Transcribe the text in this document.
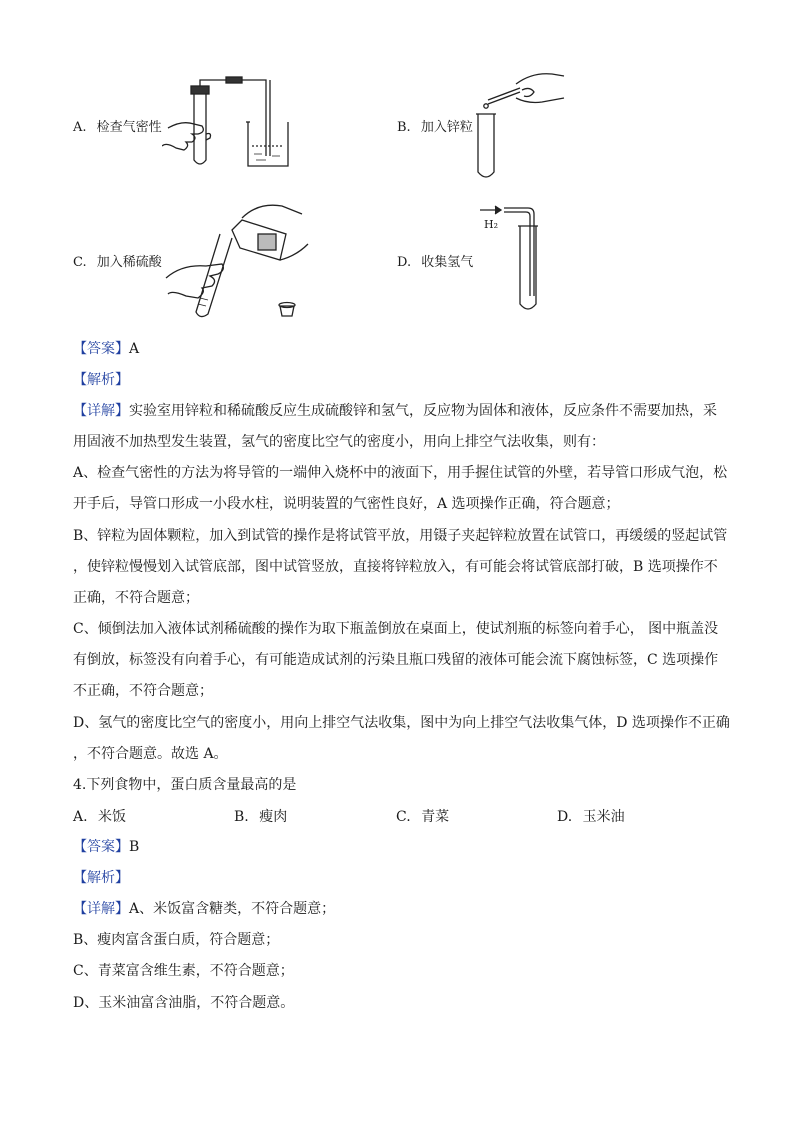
A. 检查气密性	B. 加入锌粒
C. 加入稀硫酸	D. 收集氢气
H₂
【答案】A
【解析】
【详解】实验室用锌粒和稀硫酸反应生成硫酸锌和氢气，反应物为固体和液体，反应条件不需要加热，采
用固液不加热型发生装置，氢气的密度比空气的密度小，用向上排空气法收集，则有：
A、检查气密性的方法为将导管的一端伸入烧杯中的液面下，用手握住试管的外壁，若导管口形成气泡，松
开手后，导管口形成一小段水柱，说明装置的气密性良好，A 选项操作正确，符合题意；
B、锌粒为固体颗粒，加入到试管的操作是将试管平放，用镊子夹起锌粒放置在试管口，再缓缓的竖起试管
，使锌粒慢慢划入试管底部，图中试管竖放，直接将锌粒放入，有可能会将试管底部打破，B 选项操作不
正确，不符合题意；
C、倾倒法加入液体试剂稀硫酸的操作为取下瓶盖倒放在桌面上，使试剂瓶的标签向着手心， 图中瓶盖没
有倒放，标签没有向着手心，有可能造成试剂的污染且瓶口残留的液体可能会流下腐蚀标签，C 选项操作
不正确，不符合题意；
D、氢气的密度比空气的密度小，用向上排空气法收集，图中为向上排空气法收集气体，D 选项操作不正确
，不符合题意。故选 A。
4.下列食物中，蛋白质含量最高的是
A. 米饭	B. 瘦肉	C. 青菜	D. 玉米油
【答案】B
【解析】
【详解】A、米饭富含糖类，不符合题意；
B、瘦肉富含蛋白质，符合题意；
C、青菜富含维生素，不符合题意；
D、玉米油富含油脂，不符合题意。
